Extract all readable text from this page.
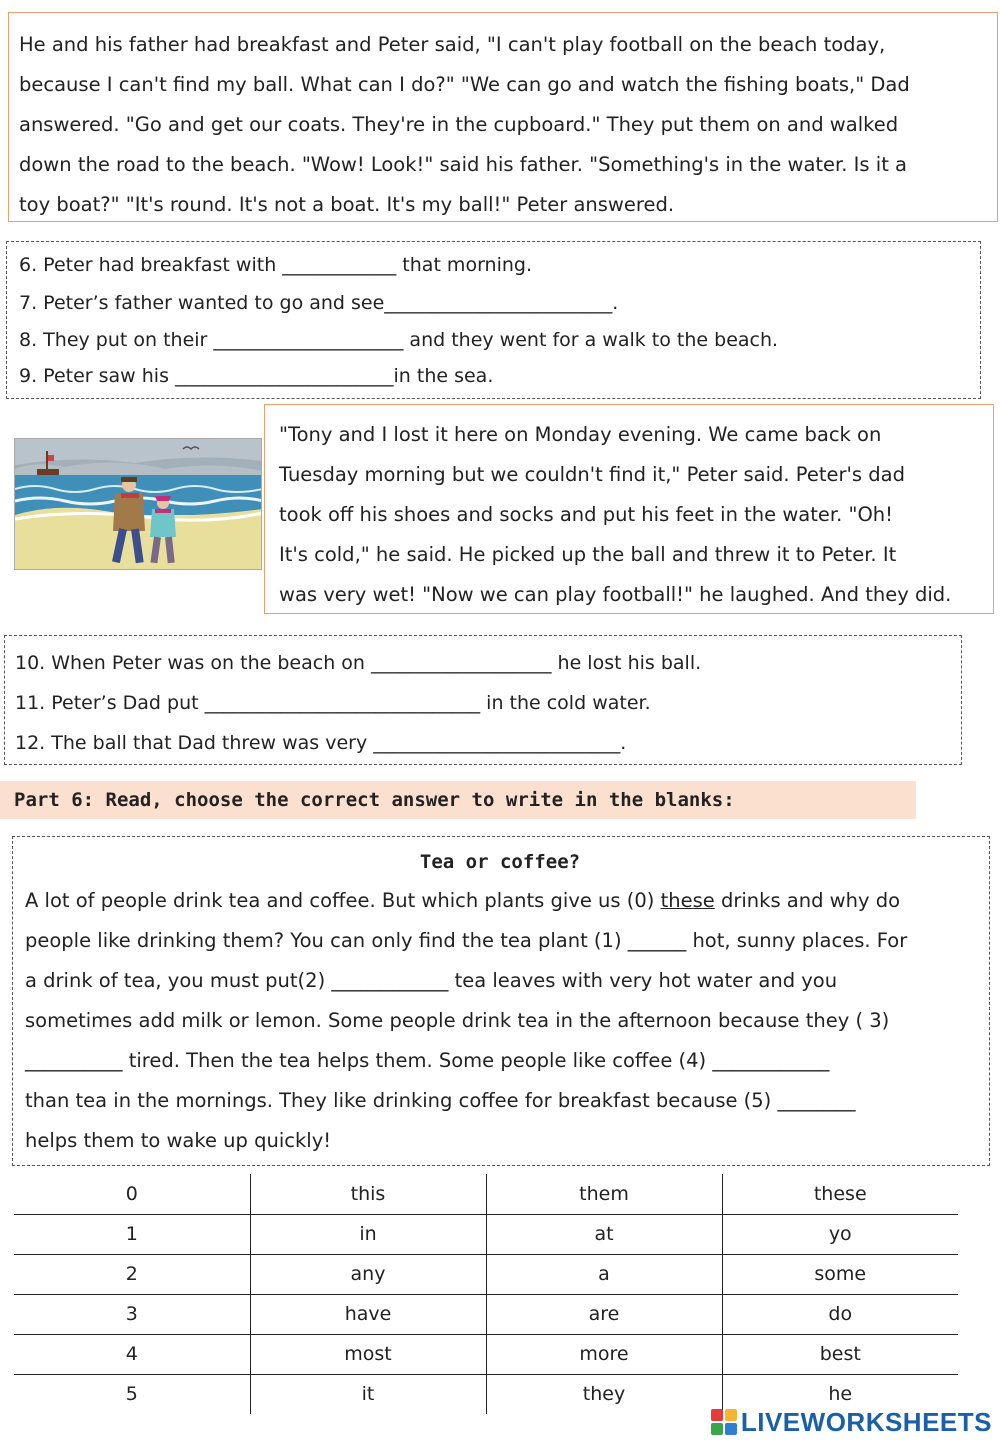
He and his father had breakfast and Peter said, "I can't play football on the beach today,

because I can't find my ball. What can I do?" "We can go and watch the fishing boats," Dad

answered. "Go and get our coats. They're in the cupboard." They put them on and walked

down the road to the beach. "Wow! Look!" said his father. "Something's in the water. Is it a

toy boat?" "It's round. It's not a boat. It's my ball!" Peter answered.

6. Peter had breakfast with ____________ that morning.
7. Peter’s father wanted to go and see________________________.
8. They put on their ____________________ and they went for a walk to the beach.
9. Peter saw his _______________________in the sea.

"Tony and I lost it here on Monday evening. We came back on

Tuesday morning but we couldn't find it," Peter said. Peter's dad

took off his shoes and socks and put his feet in the water. "Oh!

It's cold," he said. He picked up the ball and threw it to Peter. It

was very wet! "Now we can play football!" he laughed. And they did.

10. When Peter was on the beach on ___________________ he lost his ball.
11. Peter’s Dad put _____________________________ in the cold water.
12. The ball that Dad threw was very __________________________.
Part 6: Read, choose the correct answer to write in the blanks:
Tea or coffee?

A lot of people drink tea and coffee. But which plants give us (0) these drinks and why do

people like drinking them? You can only find the tea plant (1) ______ hot, sunny places. For

a drink of tea, you must put(2) ____________ tea leaves with very hot water and you

sometimes add milk or lemon. Some people drink tea in the afternoon because they ( 3)

__________ tired. Then the tea helps them. Some people like coffee (4) ____________

than tea in the mornings. They like drinking coffee for breakfast because (5) ________

helps them to wake up quickly!

0	this	them	these
1	in	at	yo
2	any	a	some
3	have	are	do
4	most	more	best
5	it	they	he
LIVEWORKSHEETS
